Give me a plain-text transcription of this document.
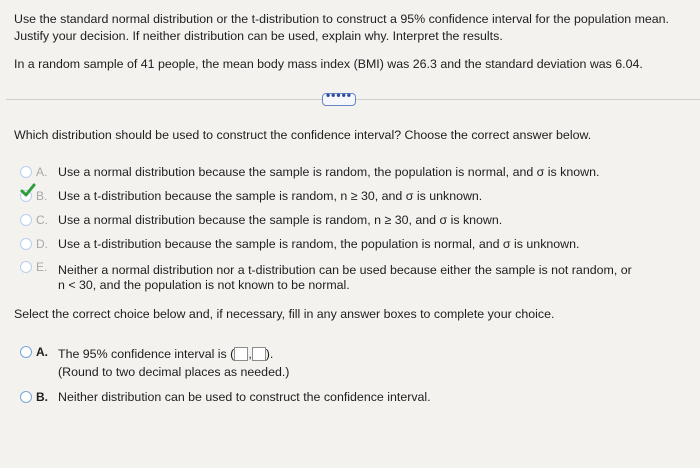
Use the standard normal distribution or the t-distribution to construct a 95% confidence interval for the population mean.
Justify your decision. If neither distribution can be used, explain why. Interpret the results.
In a random sample of 41 people, the mean body mass index (BMI) was 26.3 and the standard deviation was 6.04.
•••••
Which distribution should be used to construct the confidence interval? Choose the correct answer below.
A. Use a normal distribution because the sample is random, the population is normal, and σ is known.
B. Use a t-distribution because the sample is random, n ≥ 30, and σ is unknown.
C. Use a normal distribution because the sample is random, n ≥ 30, and σ is known.
D. Use a t-distribution because the sample is random, the population is normal, and σ is unknown.
E. Neither a normal distribution nor a t-distribution can be used because either the sample is not random, or
n < 30, and the population is not known to be normal.
Select the correct choice below and, if necessary, fill in any answer boxes to complete your choice.
A. The 95% confidence interval is ( , ).
(Round to two decimal places as needed.)
B. Neither distribution can be used to construct the confidence interval.
